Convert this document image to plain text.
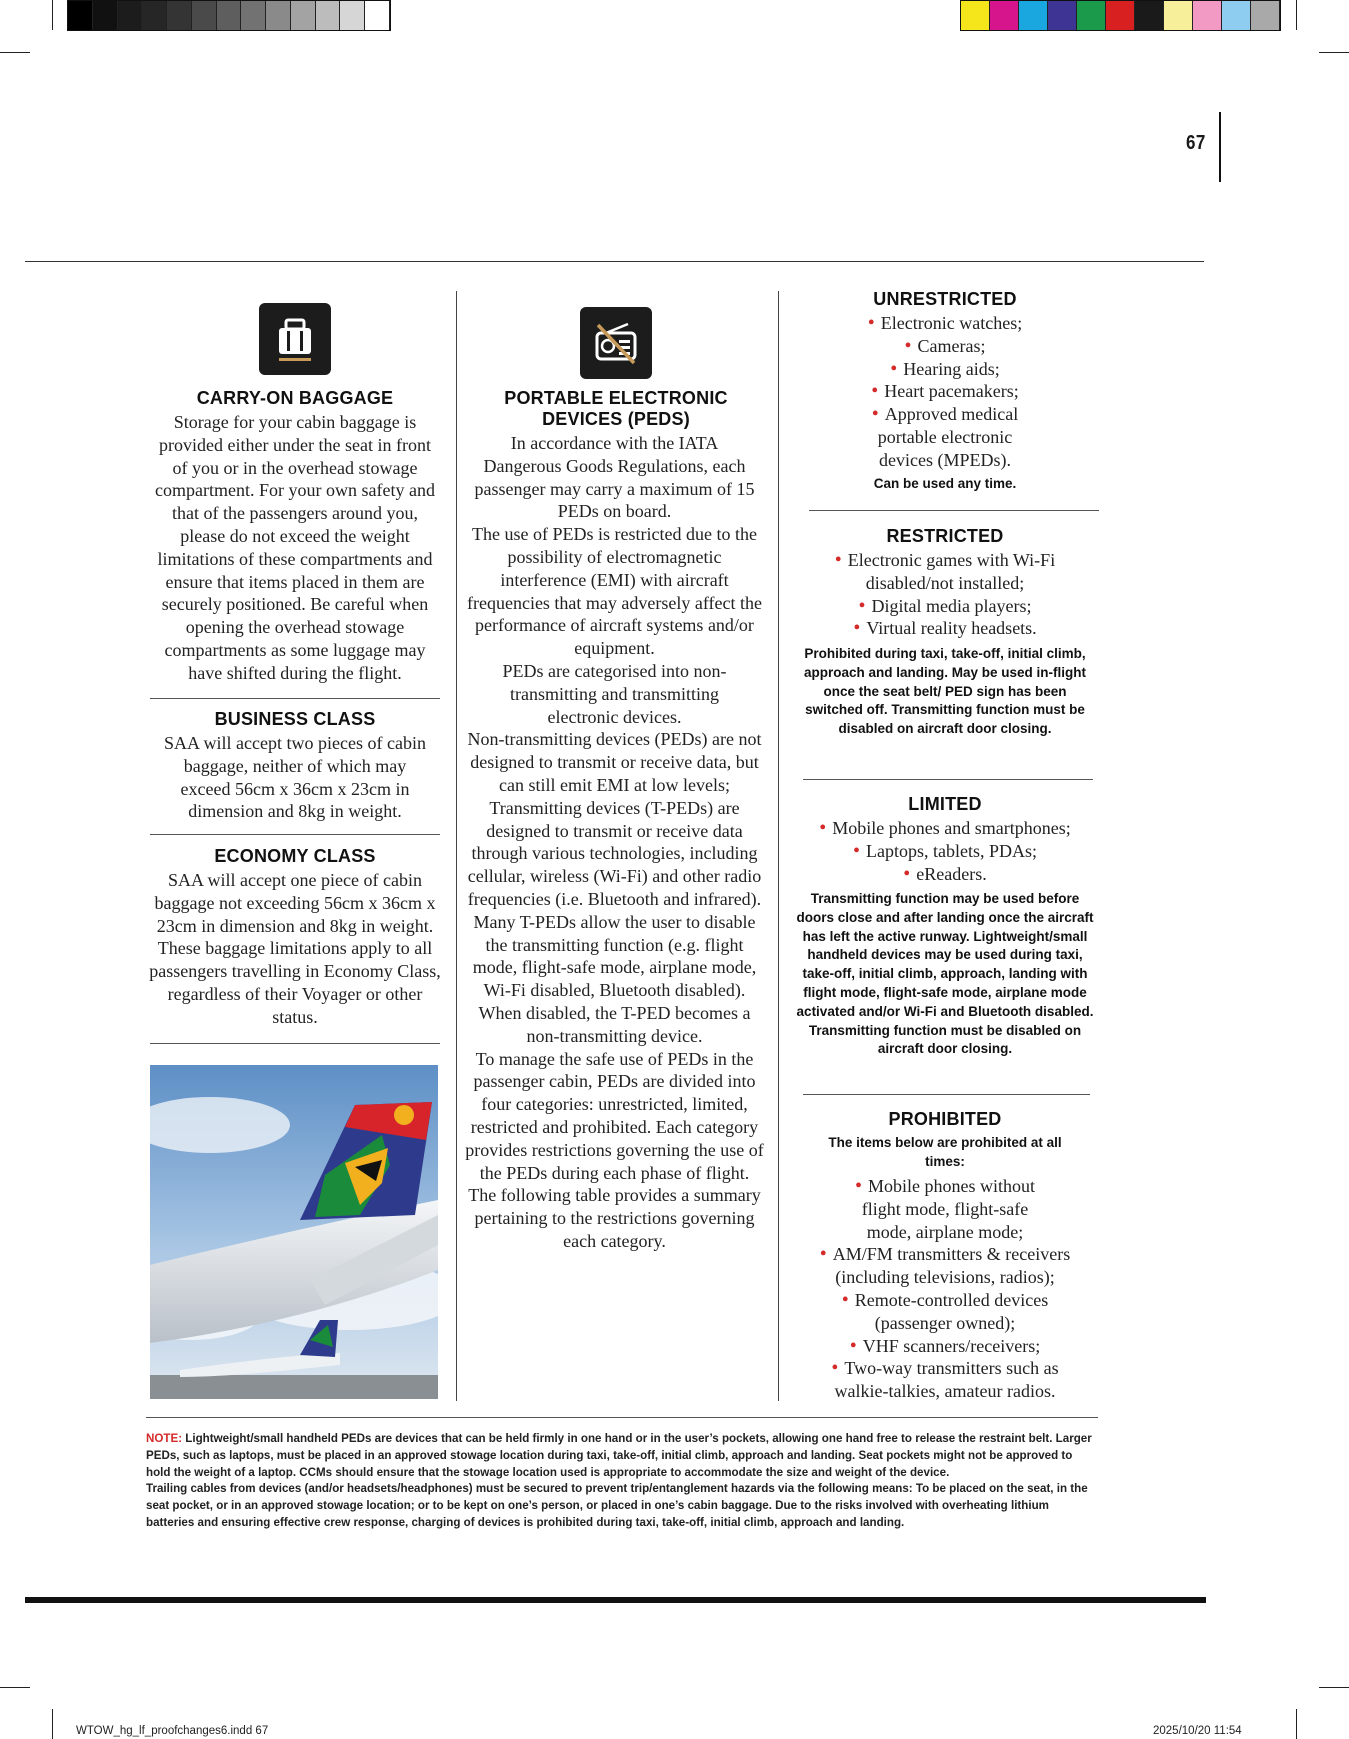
67
CARRY-ON BAGGAGE
Storage for your cabin baggage is provided either under the seat in front of you or in the overhead stowage compartment. For your own safety and that of the passengers around you, please do not exceed the weight limitations of these compartments and ensure that items placed in them are securely positioned. Be careful when opening the overhead stowage compartments as some luggage may have shifted during the flight.
BUSINESS CLASS
SAA will accept two pieces of cabin baggage, neither of which may exceed 56cm x 36cm x 23cm in dimension and 8kg in weight.
ECONOMY CLASS
SAA will accept one piece of cabin baggage not exceeding 56cm x 36cm x 23cm in dimension and 8kg in weight. These baggage limitations apply to all passengers travelling in Economy Class, regardless of their Voyager or other status.
PORTABLE ELECTRONIC
DEVICES (PEDS)

In accordance with the IATA Dangerous Goods Regulations, each passenger may carry a maximum of 15 PEDs on board.

The use of PEDs is restricted due to the possibility of electromagnetic interference (EMI) with aircraft frequencies that may adversely affect the performance of aircraft systems and/or equipment.

PEDs are categorised into non-transmitting and transmitting electronic devices.

Non-transmitting devices (PEDs) are not designed to transmit or receive data, but can still emit EMI at low levels; Transmitting devices (T-PEDs) are designed to transmit or receive data through various technologies, including cellular, wireless (Wi-Fi) and other radio frequencies (i.e. Bluetooth and infrared).

Many T-PEDs allow the user to disable the transmitting function (e.g. flight mode, flight-safe mode, airplane mode, Wi-Fi disabled, Bluetooth disabled). When disabled, the T-PED becomes a non-transmitting device.

To manage the safe use of PEDs in the passenger cabin, PEDs are divided into four categories: unrestricted, limited, restricted and prohibited. Each category provides restrictions governing the use of the PEDs during each phase of flight. The following table provides a summary pertaining to the restrictions governing each category.

UNRESTRICTED
• Electronic watches;
• Cameras;
• Hearing aids;
• Heart pacemakers;
• Approved medical portable electronic devices (MPEDs).
Can be used any time.
RESTRICTED
• Electronic games with Wi-Fi disabled/not installed;
• Digital media players;
• Virtual reality headsets.
Prohibited during taxi, take-off, initial climb, approach and landing. May be used in-flight once the seat belt/ PED sign has been switched off. Transmitting function must be disabled on aircraft door closing.
LIMITED
• Mobile phones and smartphones;
• Laptops, tablets, PDAs;
• eReaders.
Transmitting function may be used before doors close and after landing once the aircraft has left the active runway. Lightweight/small handheld devices may be used during taxi, take-off, initial climb, approach, landing with flight mode, flight-safe mode, airplane mode activated and/or Wi-Fi and Bluetooth disabled. Transmitting function must be disabled on aircraft door closing.
PROHIBITED
The items below are prohibited at all times:
• Mobile phones without flight mode, flight-safe mode, airplane mode;
• AM/FM transmitters & receivers (including televisions, radios);
• Remote-controlled devices (passenger owned);
• VHF scanners/receivers;
• Two-way transmitters such as walkie-talkies, amateur radios.

NOTE: Lightweight/small handheld PEDs are devices that can be held firmly in one hand or in the user’s pockets, allowing one hand free to release the restraint belt. Larger PEDs, such as laptops, must be placed in an approved stowage location during taxi, take-off, initial climb, approach and landing. Seat pockets might not be approved to hold the weight of a laptop. CCMs should ensure that the stowage location used is appropriate to accommodate the size and weight of the device.

Trailing cables from devices (and/or headsets/headphones) must be secured to prevent trip/entanglement hazards via the following means: To be placed on the seat, in the seat pocket, or in an approved stowage location; or to be kept on one’s person, or placed in one’s cabin baggage. Due to the risks involved with overheating lithium batteries and ensuring effective crew response, charging of devices is prohibited during taxi, take-off, initial climb, approach and landing.

WTOW_hg_lf_proofchanges6.indd 67	2025/10/20 11:54
